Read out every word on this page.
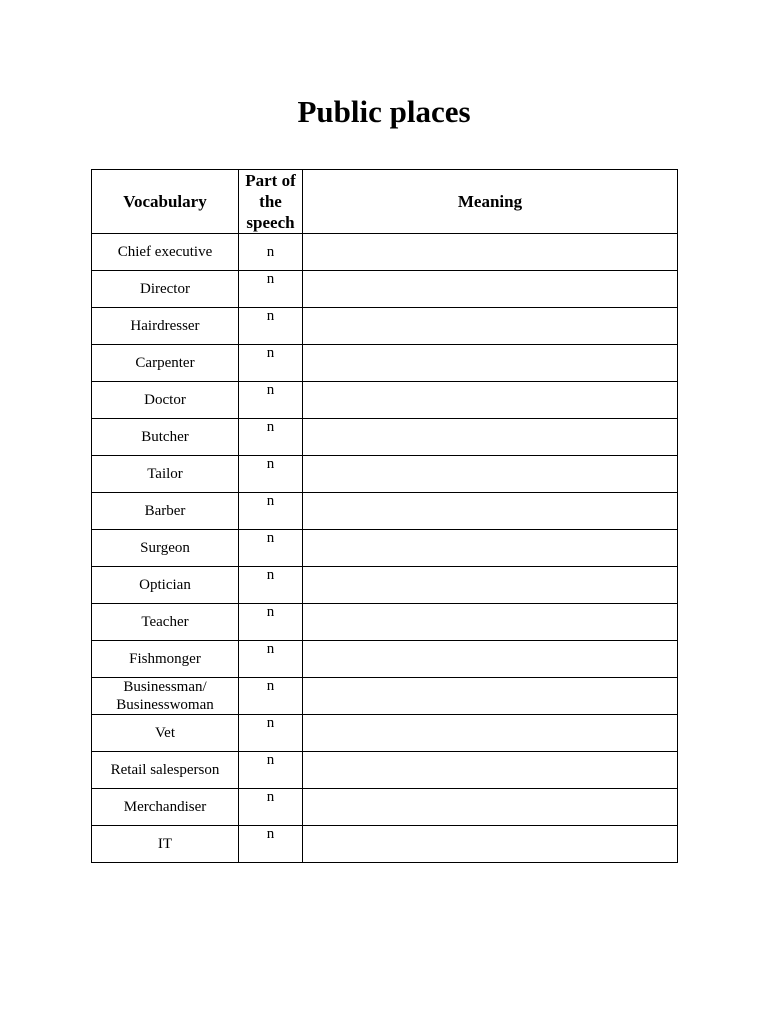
Public places
Vocabulary	Part of the speech	Meaning
Chief executive	n	
Director	n	
Hairdresser	n	
Carpenter	n	
Doctor	n	
Butcher	n	
Tailor	n	
Barber	n	
Surgeon	n	
Optician	n	
Teacher	n	
Fishmonger	n	
Businessman/ Businesswoman	n	
Vet	n	
Retail salesperson	n	
Merchandiser	n	
IT	n	
